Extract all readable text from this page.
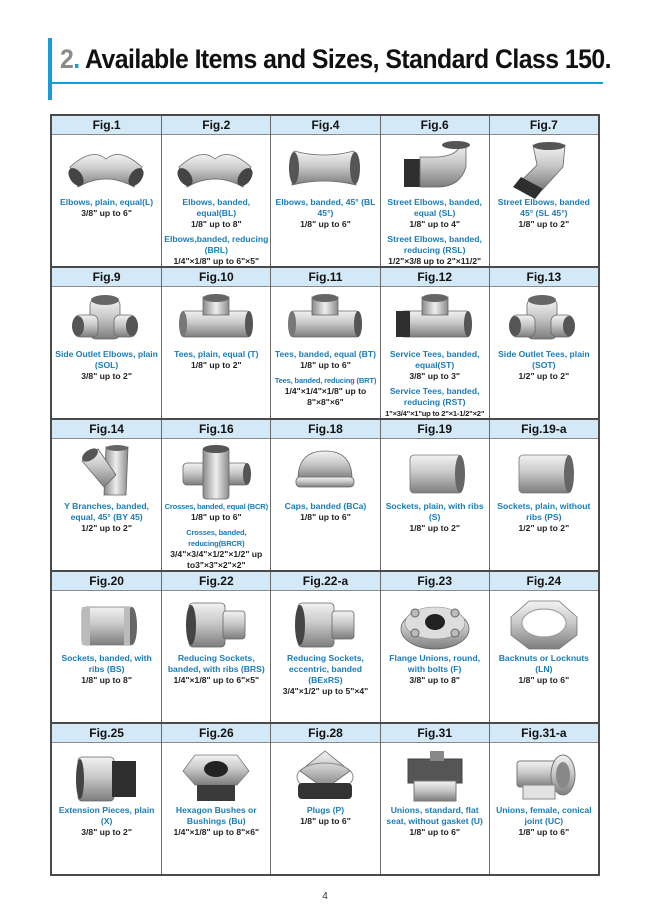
2. Available Items and Sizes, Standard Class 150.
Fig.1
Elbows, plain, equal(L)
3/8" up to 6"
Fig.2
Elbows, banded, equal(BL)
1/8" up to 8"
Elbows,banded, reducing (BRL)
1/4"×1/8" up to 6"×5"
Fig.4
Elbows, banded, 45° (BL 45°)
1/8" up to 6"
Fig.6
Street Elbows, banded, equal (SL)
1/8" up to 4"
Street Elbows, banded, reducing (RSL)
1/2"×3/8 up to 2"×11/2"
Fig.7
Street Elbows, banded 45° (SL 45°)
1/8" up to 2"
Fig.9
Side Outlet Elbows, plain (SOL)
3/8" up to 2"
Fig.10
Tees, plain, equal (T)
1/8" up to 2"
Fig.11
Tees, banded, equal (BT)
1/8" up to 6"
Tees, banded, reducing (BRT)
1/4"×1/4"×1/8" up to 8"×8"×6"
Fig.12
Service Tees, banded, equal(ST)
3/8" up to 3"
Service Tees, banded, reducing (RST)
1"×3/4"×1"up to 2"×1-1/2"×2"
Fig.13
Side Outlet Tees, plain (SOT)
1/2" up to 2"
Fig.14
Y Branches, banded, equal, 45° (BY 45)
1/2" up to 2"
Fig.16
Crosses, banded, equal (BCR)
1/8" up to 6"
Crosses, banded, reducing(BRCR)
3/4"×3/4"×1/2"×1/2" up to3"×3"×2"×2"
Fig.18
Caps, banded (BCa)
1/8" up to 6"
Fig.19
Sockets, plain, with ribs (S)
1/8" up to 2"
Fig.19-a
Sockets, plain, without ribs (PS)
1/2" up to 2"
Fig.20
Sockets, banded, with ribs (BS)
1/8" up to 8"
Fig.22
Reducing Sockets, banded, with ribs (BRS)
1/4"×1/8" up to 6"×5"
Fig.22-a
Reducing Sockets, eccentric, banded (BExRS)
3/4"×1/2" up to 5"×4"
Fig.23
Flange Unions, round, with bolts (F)
3/8" up to 8"
Fig.24
Backnuts or Locknuts (LN)
1/8" up to 6"
Fig.25
Extension Pieces, plain (X)
3/8" up to 2"
Fig.26
Hexagon Bushes or Bushings (Bu)
1/4"×1/8" up to 8"×6"
Fig.28
Plugs (P)
1/8" up to 6"
Fig.31
Unions, standard, flat seat, without gasket (U)
1/8" up to 6"
Fig.31-a
Unions, female, conical joint (UC)
1/8" up to 6"
4
